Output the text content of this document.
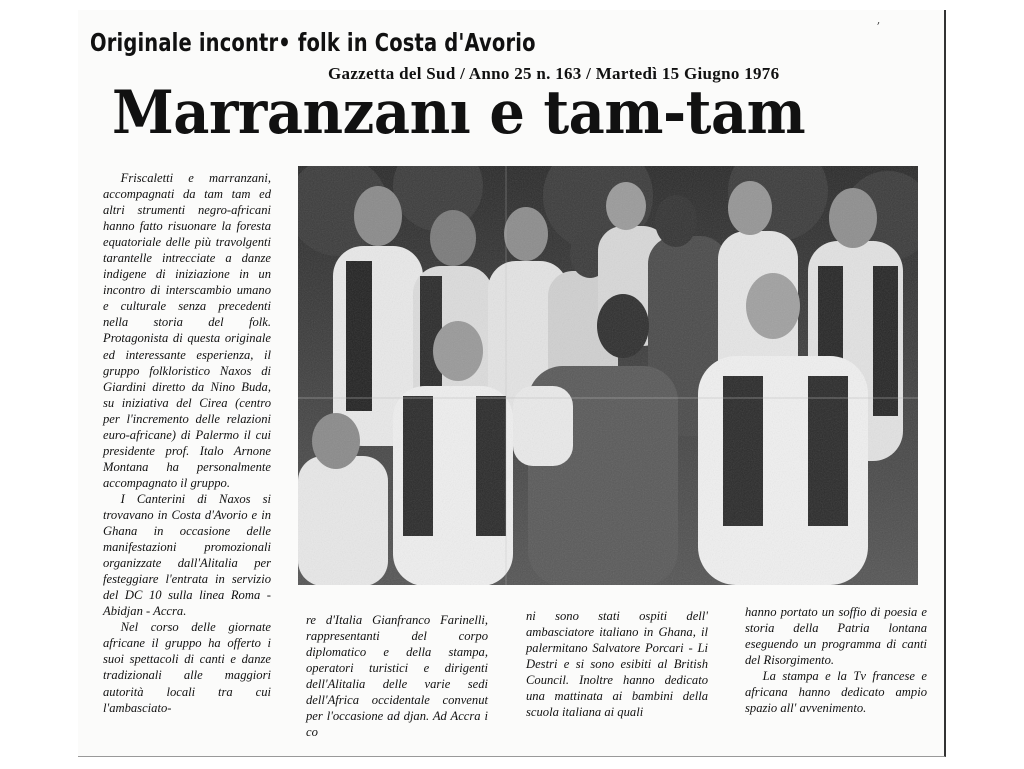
ʼ
Originale incontr• folk in Costa d'Avorio
Gazzetta del Sud / Anno 25 n. 163 / Martedì 15 Giugno 1976
Marranzanı e tam-tam

Friscaletti e marranzani, accompagnati da tam tam ed altri strumenti negro-africani hanno fatto risuonare la foresta equatoriale delle più travolgenti tarantelle intrecciate a danze indigene di iniziazione in un incontro di interscambio umano e culturale senza precedenti nella storia del folk. Protagonista di questa originale ed interessante esperienza, il gruppo folkloristico Naxos di Giardini diretto da Nino Buda, su iniziativa del Cirea (centro per l'incremento delle relazioni euro-africane) di Palermo il cui presidente prof. Italo Arnone Montana ha personalmente accompagnato il gruppo.

I Canterini di Naxos si trovavano in Costa d'Avorio e in Ghana in occasione delle manifestazioni promozionali organizzate dall'Alitalia per festeggiare l'entrata in servizio del DC 10 sulla linea Roma - Abidjan - Accra.

Nel corso delle giornate africane il gruppo ha offerto i suoi spettacoli di canti e danze tradizionali alle maggiori autorità locali tra cui l'ambasciato-

re d'Italia Gianfranco Farinelli, rappresentanti del corpo diplomatico e della stampa, operatori turistici e dirigenti dell'Alitalia delle varie sedi dell'Africa occidentale convenut per l'occasione ad djan. Ad Accra i co

ni sono stati ospiti dell' ambasciatore italiano in Ghana, il palermitano Salvatore Porcari - Li Destri e si sono esibiti al British Council. Inoltre hanno dedicato una mattinata ai bambini della scuola italiana ai quali

hanno portato un soffio di poesia e storia della Patria lontana eseguendo un programma di canti del Risorgimento.

La stampa e la Tv francese e africana hanno dedicato ampio spazio all' avvenimento.
